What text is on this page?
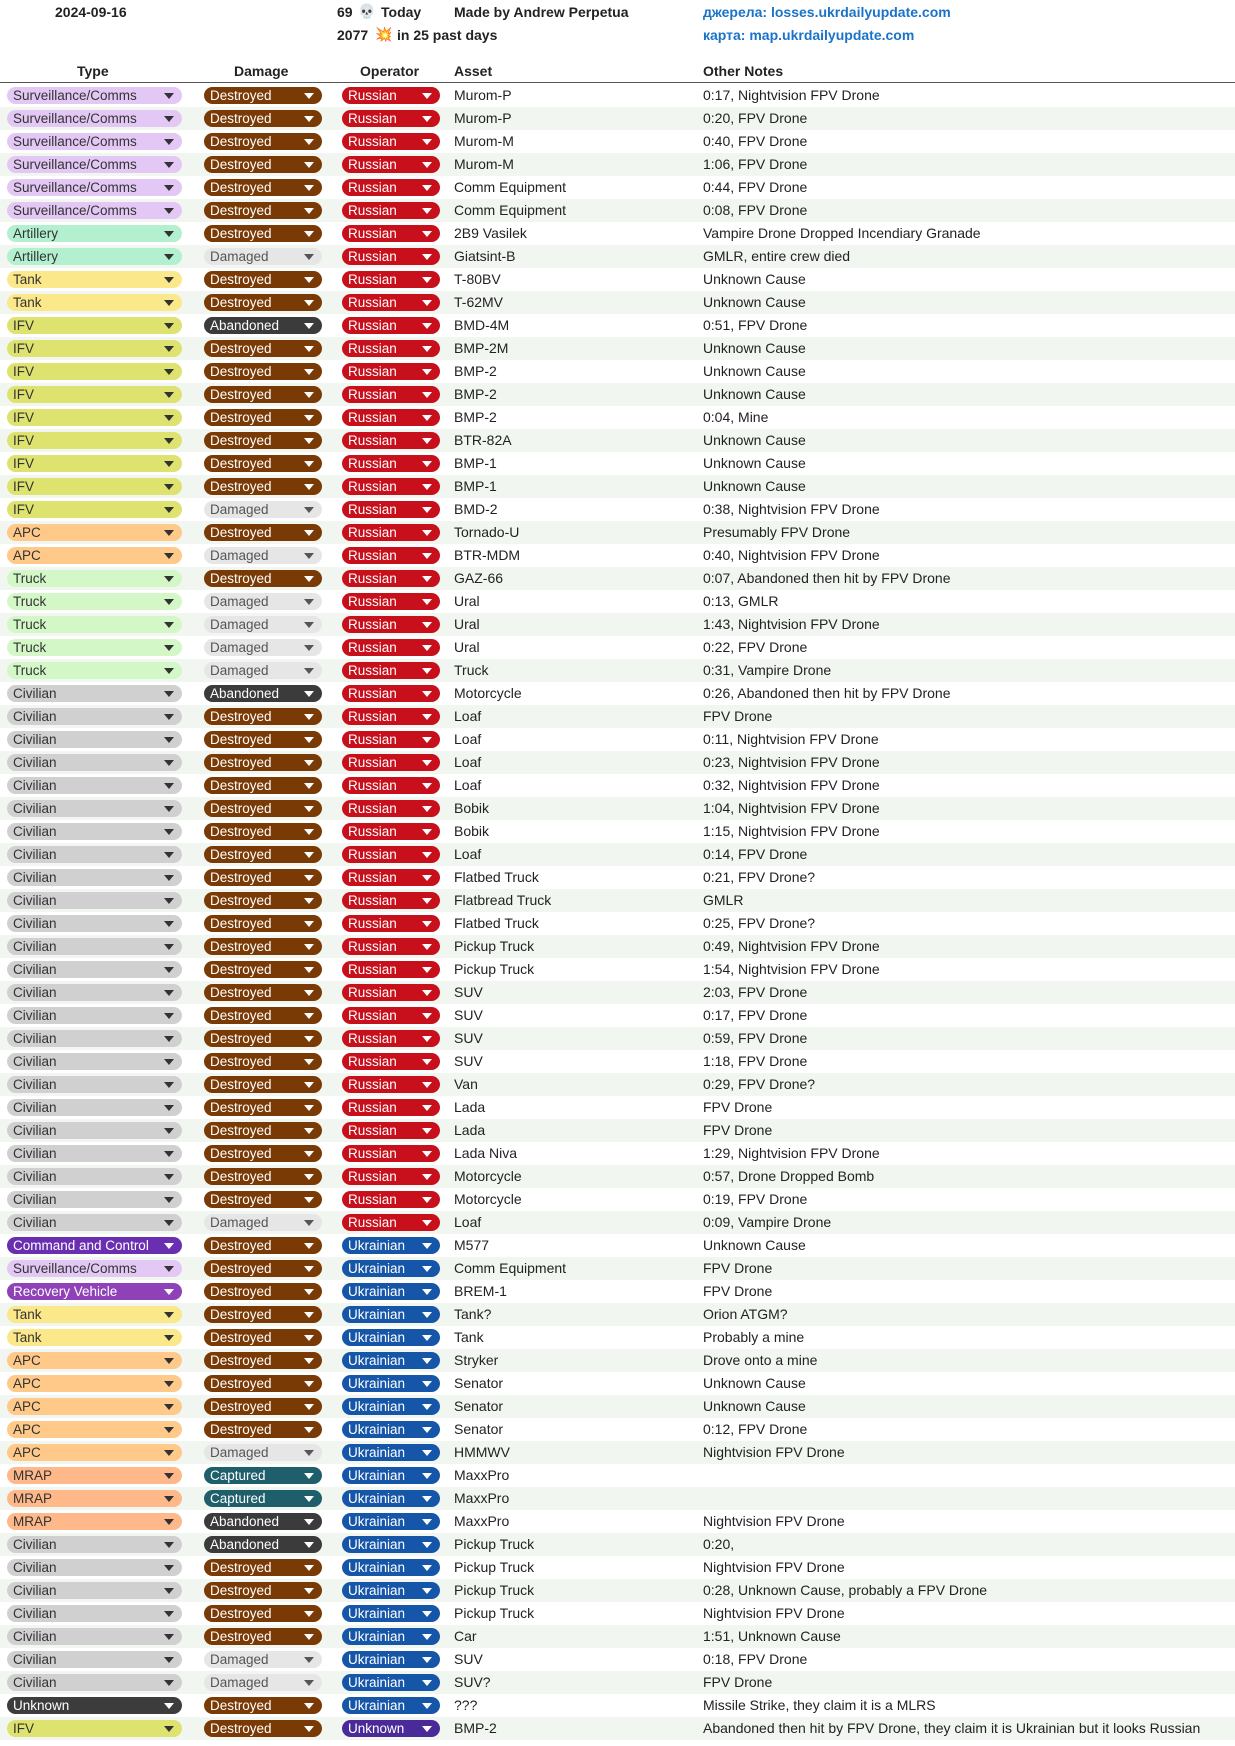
2024-09-16	69 💀 Today
2077 💥 in 25 past days
Made by Andrew Perpetua	джерела: losses.ukrdailyupdate.com
карта: map.ukrdailyupdate.com
Type	Damage	Operator Asset	Other Notes
Surveillance/Comms	Destroyed	Russian	Murom-P	0:17, Nightvision FPV Drone
Surveillance/Comms	Destroyed	Russian	Murom-P	0:20, FPV Drone
Surveillance/Comms	Destroyed	Russian	Murom-M	0:40, FPV Drone
Surveillance/Comms	Destroyed	Russian	Murom-M	1:06, FPV Drone
Surveillance/Comms	Destroyed	Russian	Comm Equipment	0:44, FPV Drone
Surveillance/Comms	Destroyed	Russian	Comm Equipment	0:08, FPV Drone
Artillery	Destroyed	Russian	2B9 Vasilek	Vampire Drone Dropped Incendiary Granade
Artillery	Damaged	Russian	Giatsint-B	GMLR, entire crew died
Tank	Destroyed	Russian	T-80BV	Unknown Cause
Tank	Destroyed	Russian	T-62MV	Unknown Cause
IFV	Abandoned	Russian	BMD-4M	0:51, FPV Drone
IFV	Destroyed	Russian	BMP-2M	Unknown Cause
IFV	Destroyed	Russian	BMP-2	Unknown Cause
IFV	Destroyed	Russian	BMP-2	Unknown Cause
IFV	Destroyed	Russian	BMP-2	0:04, Mine
IFV	Destroyed	Russian	BTR-82A	Unknown Cause
IFV	Destroyed	Russian	BMP-1	Unknown Cause
IFV	Destroyed	Russian	BMP-1	Unknown Cause
IFV	Damaged	Russian	BMD-2	0:38, Nightvision FPV Drone
APC	Destroyed	Russian	Tornado-U	Presumably FPV Drone
APC	Damaged	Russian	BTR-MDM	0:40, Nightvision FPV Drone
Truck	Destroyed	Russian	GAZ-66	0:07, Abandoned then hit by FPV Drone
Truck	Damaged	Russian	Ural	0:13, GMLR
Truck	Damaged	Russian	Ural	1:43, Nightvision FPV Drone
Truck	Damaged	Russian	Ural	0:22, FPV Drone
Truck	Damaged	Russian	Truck	0:31, Vampire Drone
Civilian	Abandoned	Russian	Motorcycle	0:26, Abandoned then hit by FPV Drone
Civilian	Destroyed	Russian	Loaf	FPV Drone
Civilian	Destroyed	Russian	Loaf	0:11, Nightvision FPV Drone
Civilian	Destroyed	Russian	Loaf	0:23, Nightvision FPV Drone
Civilian	Destroyed	Russian	Loaf	0:32, Nightvision FPV Drone
Civilian	Destroyed	Russian	Bobik	1:04, Nightvision FPV Drone
Civilian	Destroyed	Russian	Bobik	1:15, Nightvision FPV Drone
Civilian	Destroyed	Russian	Loaf	0:14, FPV Drone
Civilian	Destroyed	Russian	Flatbed Truck	0:21, FPV Drone?
Civilian	Destroyed	Russian	Flatbread Truck	GMLR
Civilian	Destroyed	Russian	Flatbed Truck	0:25, FPV Drone?
Civilian	Destroyed	Russian	Pickup Truck	0:49, Nightvision FPV Drone
Civilian	Destroyed	Russian	Pickup Truck	1:54, Nightvision FPV Drone
Civilian	Destroyed	Russian	SUV	2:03, FPV Drone
Civilian	Destroyed	Russian	SUV	0:17, FPV Drone
Civilian	Destroyed	Russian	SUV	0:59, FPV Drone
Civilian	Destroyed	Russian	SUV	1:18, FPV Drone
Civilian	Destroyed	Russian	Van	0:29, FPV Drone?
Civilian	Destroyed	Russian	Lada	FPV Drone
Civilian	Destroyed	Russian	Lada	FPV Drone
Civilian	Destroyed	Russian	Lada Niva	1:29, Nightvision FPV Drone
Civilian	Destroyed	Russian	Motorcycle	0:57, Drone Dropped Bomb
Civilian	Destroyed	Russian	Motorcycle	0:19, FPV Drone
Civilian	Damaged	Russian	Loaf	0:09, Vampire Drone
Command and Control	Destroyed	Ukrainian	M577	Unknown Cause
Surveillance/Comms	Destroyed	Ukrainian	Comm Equipment	FPV Drone
Recovery Vehicle	Destroyed	Ukrainian	BREM-1	FPV Drone
Tank	Destroyed	Ukrainian	Tank?	Orion ATGM?
Tank	Destroyed	Ukrainian	Tank	Probably a mine
APC	Destroyed	Ukrainian	Stryker	Drove onto a mine
APC	Destroyed	Ukrainian	Senator	Unknown Cause
APC	Destroyed	Ukrainian	Senator	Unknown Cause
APC	Destroyed	Ukrainian	Senator	0:12, FPV Drone
APC	Damaged	Ukrainian	HMMWV	Nightvision FPV Drone
MRAP	Captured	Ukrainian	MaxxPro
MRAP	Captured	Ukrainian	MaxxPro
MRAP	Abandoned	Ukrainian	MaxxPro	Nightvision FPV Drone
Civilian	Abandoned	Ukrainian	Pickup Truck	0:20,
Civilian	Destroyed	Ukrainian	Pickup Truck	Nightvision FPV Drone
Civilian	Destroyed	Ukrainian	Pickup Truck	0:28, Unknown Cause, probably a FPV Drone
Civilian	Destroyed	Ukrainian	Pickup Truck	Nightvision FPV Drone
Civilian	Destroyed	Ukrainian	Car	1:51, Unknown Cause
Civilian	Damaged	Ukrainian	SUV	0:18, FPV Drone
Civilian	Damaged	Ukrainian	SUV?	FPV Drone
Unknown	Destroyed	Ukrainian	???	Missile Strike, they claim it is a MLRS
IFV	Destroyed	Unknown	BMP-2	Abandoned then hit by FPV Drone, they claim it is Ukrainian but it looks Russian
